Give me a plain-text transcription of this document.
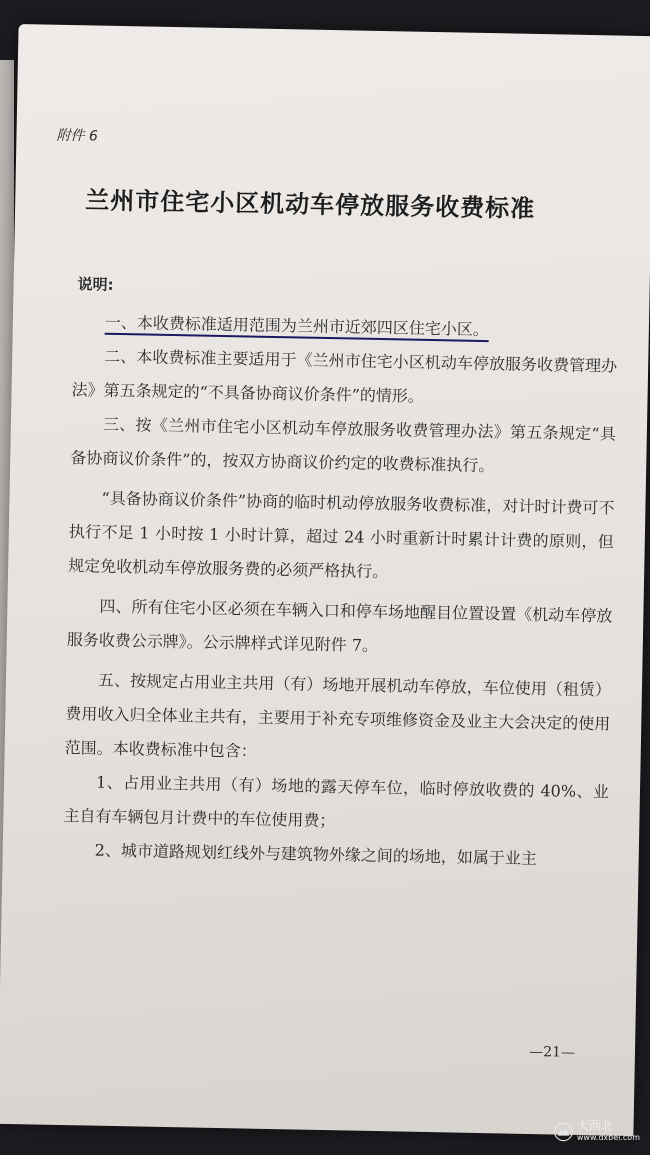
附件 6
兰州市住宅小区机动车停放服务收费标准
说明:

一、本收费标准适用范围为兰州市近郊四区住宅小区。

二、本收费标准主要适用于《兰州市住宅小区机动车停放服务收费管理办法》第五条规定的“不具备协商议价条件”的情形。

三、按《兰州市住宅小区机动车停放服务收费管理办法》第五条规定“具备协商议价条件”的，按双方协商议价约定的收费标准执行。

“具备协商议价条件”协商的临时机动停放服务收费标准，对计时计费可不执行不足 1 小时按 1 小时计算，超过 24 小时重新计时累计计费的原则，但规定免收机动车停放服务费的必须严格执行。

四、所有住宅小区必须在车辆入口和停车场地醒目位置设置《机动车停放服务收费公示牌》。公示牌样式详见附件 7。

五、按规定占用业主共用（有）场地开展机动车停放，车位使用（租赁）费用收入归全体业主共有，主要用于补充专项维修资金及业主大会决定的使用范围。本收费标准中包含：

1、占用业主共用（有）场地的露天停车位，临时停放收费的 40%、业主自有车辆包月计费中的车位使用费；

2、城市道路规划红线外与建筑物外缘之间的场地，如属于业主

—21—
大西北
www.dxbei.com
